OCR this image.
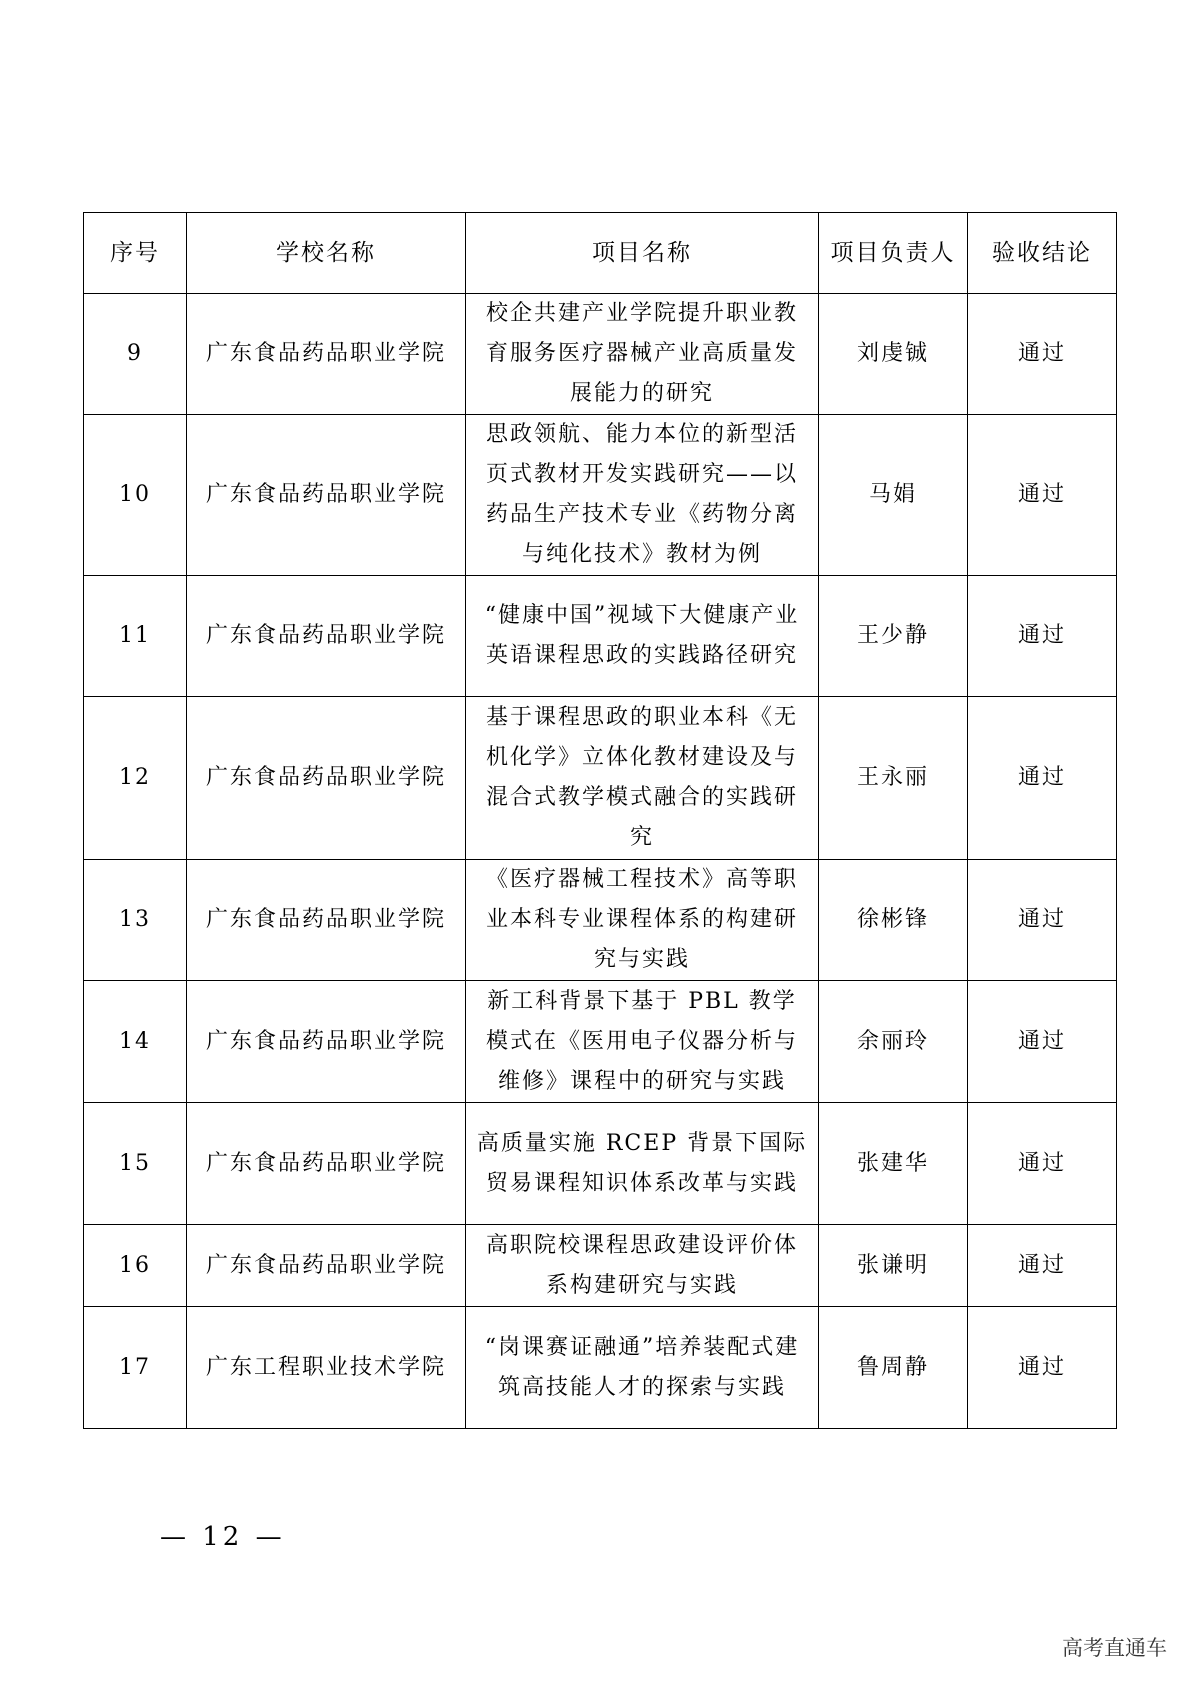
序号	学校名称	项目名称	项目负责人	验收结论
9	广东食品药品职业学院	校企共建产业学院提升职业教育服务医疗器械产业高质量发展能力的研究	刘虔铖	通过
10	广东食品药品职业学院	思政领航、能力本位的新型活页式教材开发实践研究——以药品生产技术专业《药物分离与纯化技术》教材为例	马娟	通过
11	广东食品药品职业学院	“健康中国”视域下大健康产业英语课程思政的实践路径研究	王少静	通过
12	广东食品药品职业学院	基于课程思政的职业本科《无机化学》立体化教材建设及与混合式教学模式融合的实践研究	王永丽	通过
13	广东食品药品职业学院	《医疗器械工程技术》高等职业本科专业课程体系的构建研究与实践	徐彬锋	通过
14	广东食品药品职业学院	新工科背景下基于 PBL 教学模式在《医用电子仪器分析与维修》课程中的研究与实践	余丽玲	通过
15	广东食品药品职业学院	高质量实施 RCEP 背景下国际贸易课程知识体系改革与实践	张建华	通过
16	广东食品药品职业学院	高职院校课程思政建设评价体系构建研究与实践	张谦明	通过
17	广东工程职业技术学院	“岗课赛证融通”培养装配式建筑高技能人才的探索与实践	鲁周静	通过
— 12 —
高考直通车
